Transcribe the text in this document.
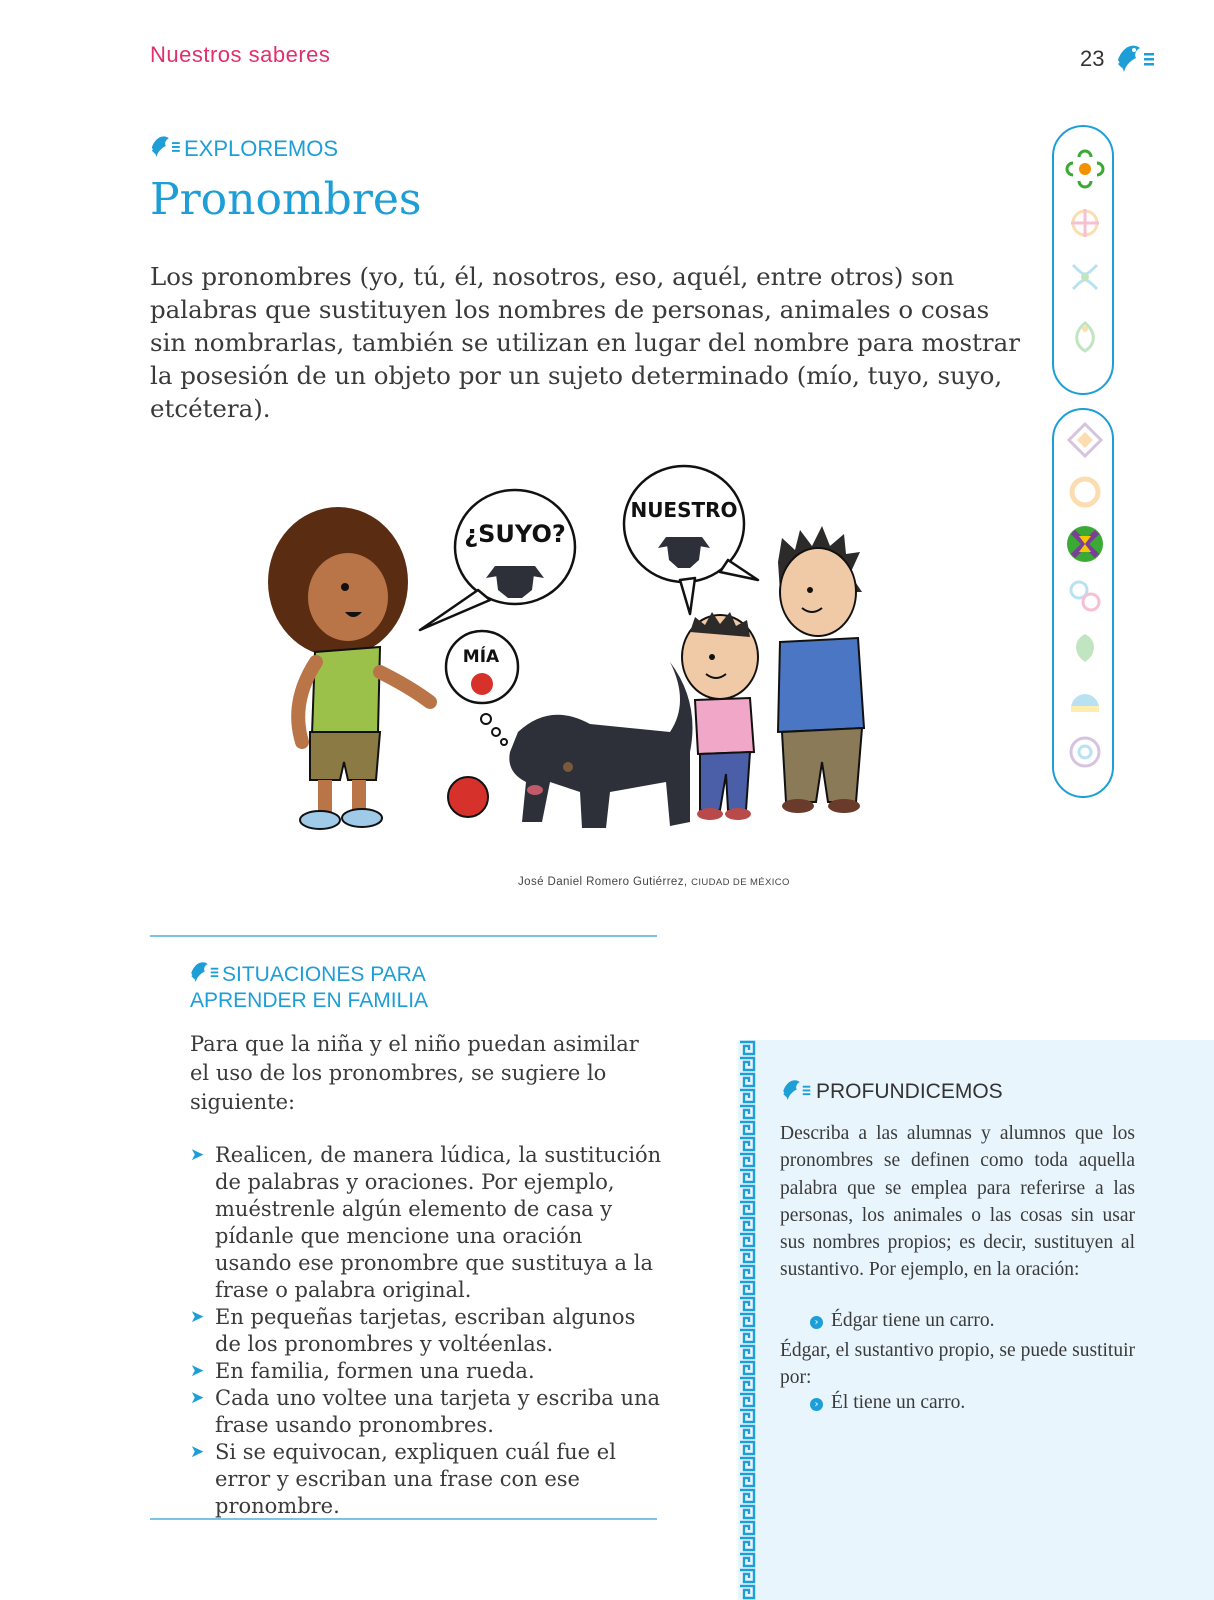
Nuestros saberes	23
EXPLOREMOS
Pronombres

Los pronombres (yo, tú, él, nosotros, eso, aquél, entre otros) son palabras que sustituyen los nombres de personas, animales o cosas sin nombrarlas, también se utilizan en lugar del nombre para mostrar la posesión de un objeto por un sujeto determinado (mío, tuyo, suyo, etcétera).

¿SUYO?
NUESTRO
MÍA
José Daniel Romero Gutiérrez, CIUDAD DE MÉXICO
SITUACIONES PARA
APRENDER EN FAMILIA

Para que la niña y el niño puedan asimilar el uso de los pronombres, se sugiere lo siguiente:

➤ Realicen, de manera lúdica, la sustitución de palabras y oraciones. Por ejemplo, muéstrenle algún elemento de casa y pídanle que mencione una oración usando ese pronombre que sustituya a la frase o palabra original.
➤ En pequeñas tarjetas, escriban algunos de los pronombres y voltéenlas.
➤ En familia, formen una rueda.
➤ Cada uno voltee una tarjeta y escriba una frase usando pronombres.
➤ Si se equivocan, expliquen cuál fue el error y escriban una frase con ese pronombre.
PROFUNDICEMOS

Describa a las alumnas y alumnos que los pronombres se definen como toda aquella palabra que se emplea para referirse a las personas, los animales o las cosas sin usar sus nombres propios; es decir, sustituyen al sustantivo. Por ejemplo, en la oración:

› Édgar tiene un carro.

Édgar, el sustantivo propio, se puede sustituir por:

› Él tiene un carro.
